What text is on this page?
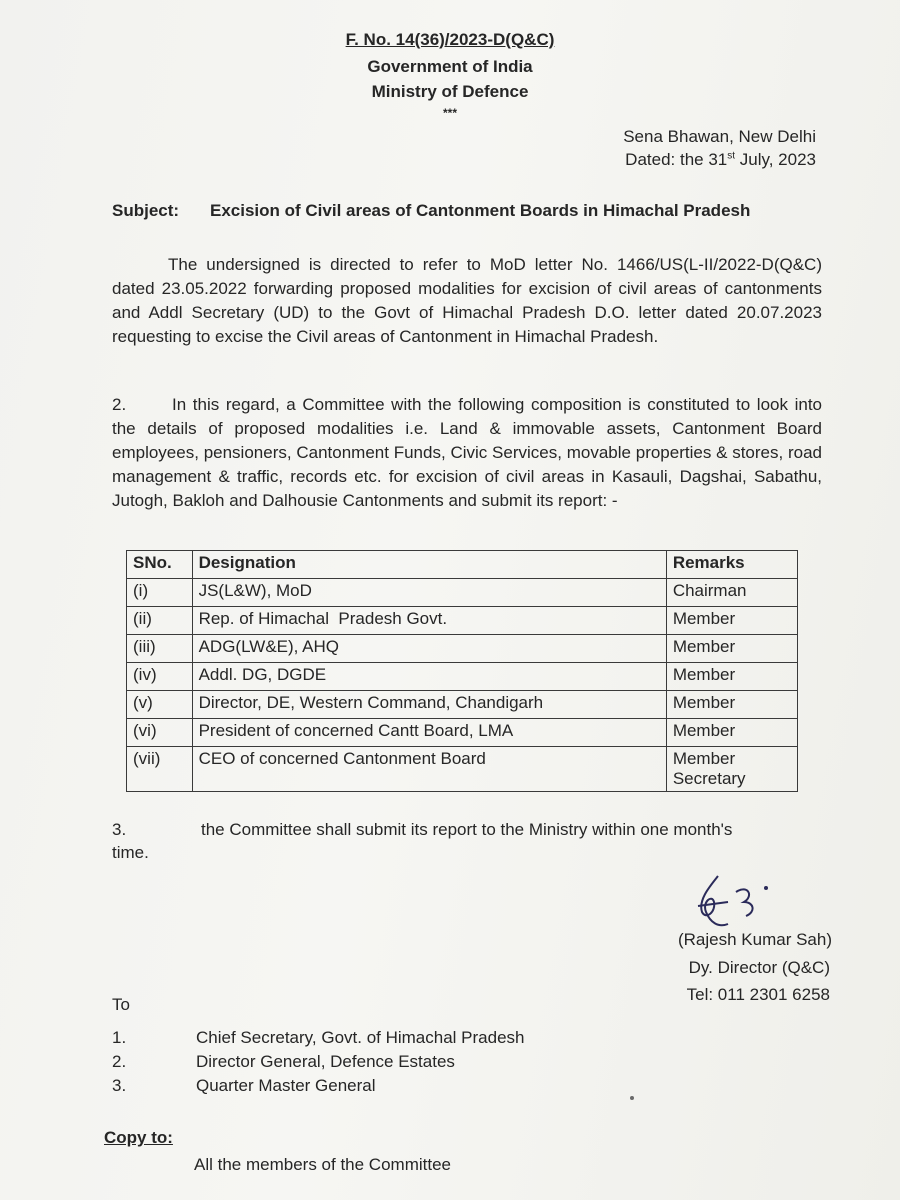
F. No. 14(36)/2023-D(Q&C)
Government of India
Ministry of Defence
***
Sena Bhawan, New Delhi
Dated: the 31st July, 2023
Subject: Excision of Civil areas of Cantonment Boards in Himachal Pradesh
The undersigned is directed to refer to MoD letter No. 1466/US(L-II/2022-D(Q&C) dated 23.05.2022 forwarding proposed modalities for excision of civil areas of cantonments and Addl Secretary (UD) to the Govt of Himachal Pradesh D.O. letter dated 20.07.2023 requesting to excise the Civil areas of Cantonment in Himachal Pradesh.
2.	In this regard, a Committee with the following composition is constituted to look into the details of proposed modalities i.e. Land & immovable assets, Cantonment Board employees, pensioners, Cantonment Funds, Civic Services, movable properties & stores, road management & traffic, records etc. for excision of civil areas in Kasauli, Dagshai, Sabathu, Jutogh, Bakloh and Dalhousie Cantonments and submit its report: -
SNo.	Designation	Remarks
(i)	JS(L&W), MoD	Chairman
(ii)	Rep. of Himachal  Pradesh Govt.	Member
(iii)	ADG(LW&E), AHQ	Member
(iv)	Addl. DG, DGDE	Member
(v)	Director, DE, Western Command, Chandigarh	Member
(vi)	President of concerned Cantt Board, LMA	Member
(vii)	CEO of concerned Cantonment Board	Member
Secretary
3.	the Committee shall submit its report to the Ministry within one month's
time.
(Rajesh Kumar Sah)
Dy. Director (Q&C)
Tel: 011 2301 6258
To
1.	Chief Secretary, Govt. of Himachal Pradesh
2.	Director General, Defence Estates
3.	Quarter Master General
Copy to:
All the members of the Committee
